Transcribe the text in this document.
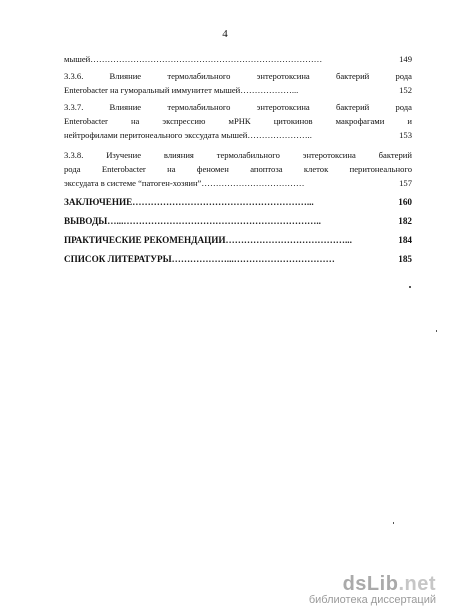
4
мышей………………………………………………………………………	149
3.3.6. Влияние термолабильного энтеротоксина бактерий рода
Enterobacter на гуморальный иммунитет мышей………………...	152
3.3.7. Влияние термолабильного энтеротоксина бактерий рода
Enterobacter на экспрессию мРНК цитокинов макрофагами и
нейтрофилами перитонеального экссудата мышей…………………..	153
3.3.8. Изучение влияния термолабильного энтеротоксина бактерий
рода Enterobacter на феномен апоптоза клеток перитонеального
экссудата в системе “патоген-хозяин”………………………………	157
ЗАКЛЮЧЕНИЕ…………………………………………………...	160
ВЫВОДЫ…...………………………………………………………..	182
ПРАКТИЧЕСКИЕ РЕКОМЕНДАЦИИ…………………………………...	184
СПИСОК ЛИТЕРАТУРЫ………………...……………………………	185
dsLib.net
библиотека диссертаций
